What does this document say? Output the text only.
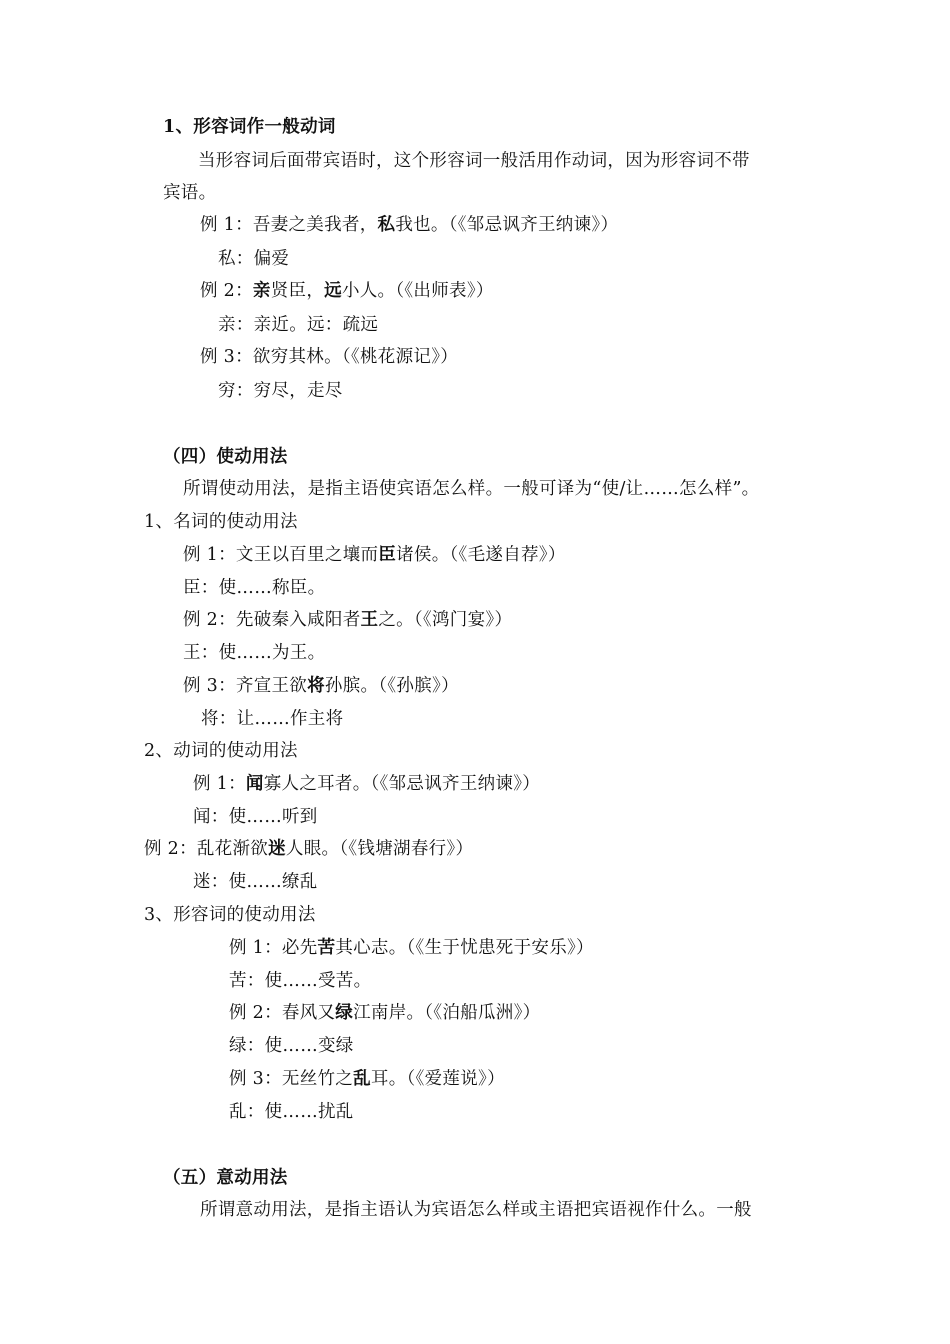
1、形容词作一般动词
当形容词后面带宾语时，这个形容词一般活用作动词，因为形容词不带
宾语。
例 1：吾妻之美我者，私我也。（《邹忌讽齐王纳谏》）
私：偏爱
例 2：亲贤臣，远小人。（《出师表》）
亲：亲近。远：疏远
例 3：欲穷其林。（《桃花源记》）
穷：穷尽，走尽
（四）使动用法
所谓使动用法，是指主语使宾语怎么样。一般可译为“使/让……怎么样”。
1、名词的使动用法
例 1：文王以百里之壤而臣诸侯。（《毛遂自荐》）
臣：使……称臣。
例 2：先破秦入咸阳者王之。（《鸿门宴》）
王：使……为王。
例 3：齐宣王欲将孙膑。（《孙膑》）
将：让……作主将
2、动词的使动用法
例 1：闻寡人之耳者。（《邹忌讽齐王纳谏》）
闻：使……听到
例 2：乱花渐欲迷人眼。（《钱塘湖春行》）
迷：使……缭乱
3、形容词的使动用法
例 1：必先苦其心志。（《生于忧患死于安乐》）
苦：使……受苦。
例 2：春风又绿江南岸。（《泊船瓜洲》）
绿：使……变绿
例 3：无丝竹之乱耳。（《爱莲说》）
乱：使……扰乱
（五）意动用法
所谓意动用法，是指主语认为宾语怎么样或主语把宾语视作什么。一般
